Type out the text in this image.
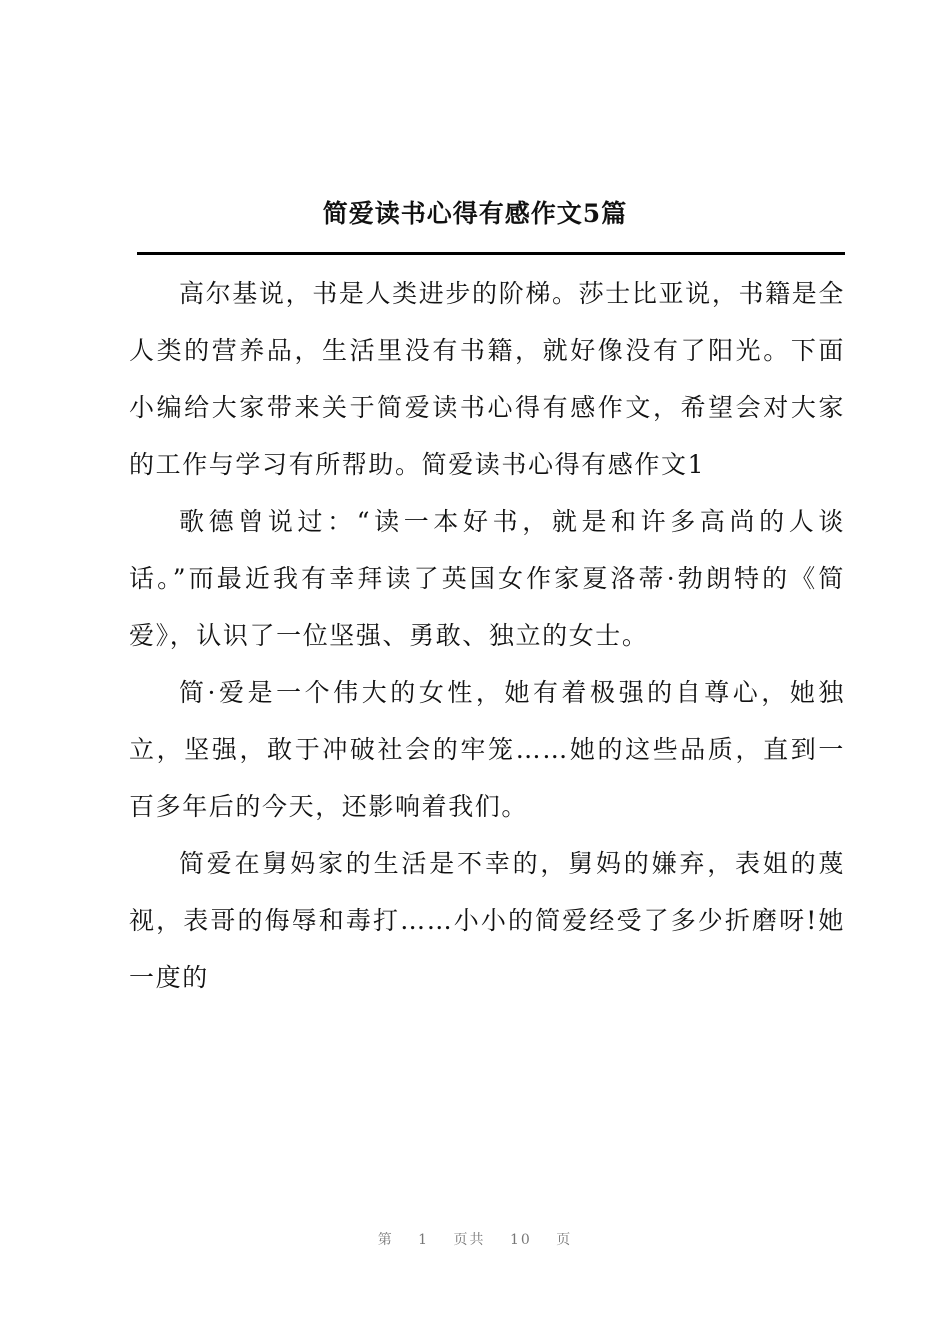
简爱读书心得有感作文5篇

高尔基说，书是人类进步的阶梯。莎士比亚说，书籍是全人类的营养品，生活里没有书籍，就好像没有了阳光。下面小编给大家带来关于简爱读书心得有感作文，希望会对大家的工作与学习有所帮助。简爱读书心得有感作文1

歌德曾说过：“读一本好书，就是和许多高尚的人谈话。”而最近我有幸拜读了英国女作家夏洛蒂·勃朗特的《简爱》，认识了一位坚强、勇敢、独立的女士。

简·爱是一个伟大的女性，她有着极强的自尊心，她独立，坚强，敢于冲破社会的牢笼……她的这些品质，直到一百多年后的今天，还影响着我们。

简爱在舅妈家的生活是不幸的，舅妈的嫌弃，表姐的蔑视，表哥的侮辱和毒打……小小的简爱经受了多少折磨呀!她一度的

第 1 页共 10 页
